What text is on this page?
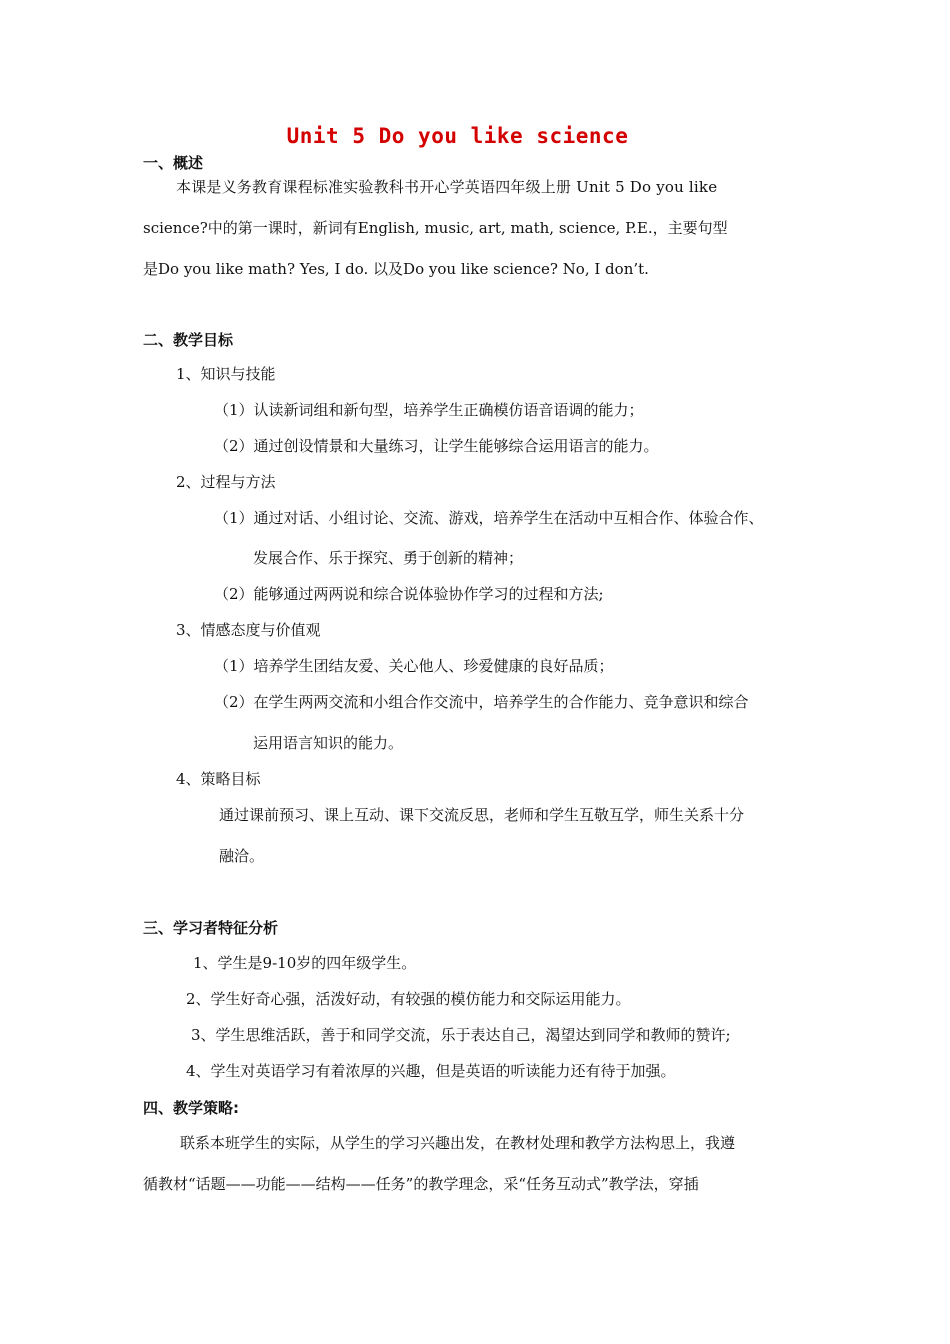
Unit 5 Do you like science
一、概述
本课是义务教育课程标准实验教科书开心学英语四年级上册 Unit 5 Do you like
science?中的第一课时，新词有English, music, art, math, science, P.E.，主要句型
是Do you like math? Yes, I do. 以及Do you like science? No, I don’t.
二、教学目标
1、知识与技能
（1）认读新词组和新句型，培养学生正确模仿语音语调的能力；
（2）通过创设情景和大量练习，让学生能够综合运用语言的能力。
2、过程与方法
（1）通过对话、小组讨论、交流、游戏，培养学生在活动中互相合作、体验合作、
发展合作、乐于探究、勇于创新的精神；
（2）能够通过两两说和综合说体验协作学习的过程和方法;
3、情感态度与价值观
（1）培养学生团结友爱、关心他人、珍爱健康的良好品质；
（2）在学生两两交流和小组合作交流中，培养学生的合作能力、竞争意识和综合
运用语言知识的能力。
4、策略目标
通过课前预习、课上互动、课下交流反思，老师和学生互敬互学，师生关系十分
融洽。
三、学习者特征分析
1、学生是9-10岁的四年级学生。
2、学生好奇心强，活泼好动，有较强的模仿能力和交际运用能力。
3、学生思维活跃，善于和同学交流，乐于表达自己，渴望达到同学和教师的赞许;
4、学生对英语学习有着浓厚的兴趣，但是英语的听读能力还有待于加强。
四、教学策略:
联系本班学生的实际，从学生的学习兴趣出发，在教材处理和教学方法构思上，我遵
循教材“话题——功能——结构——任务”的教学理念，采“任务互动式”教学法，穿插
